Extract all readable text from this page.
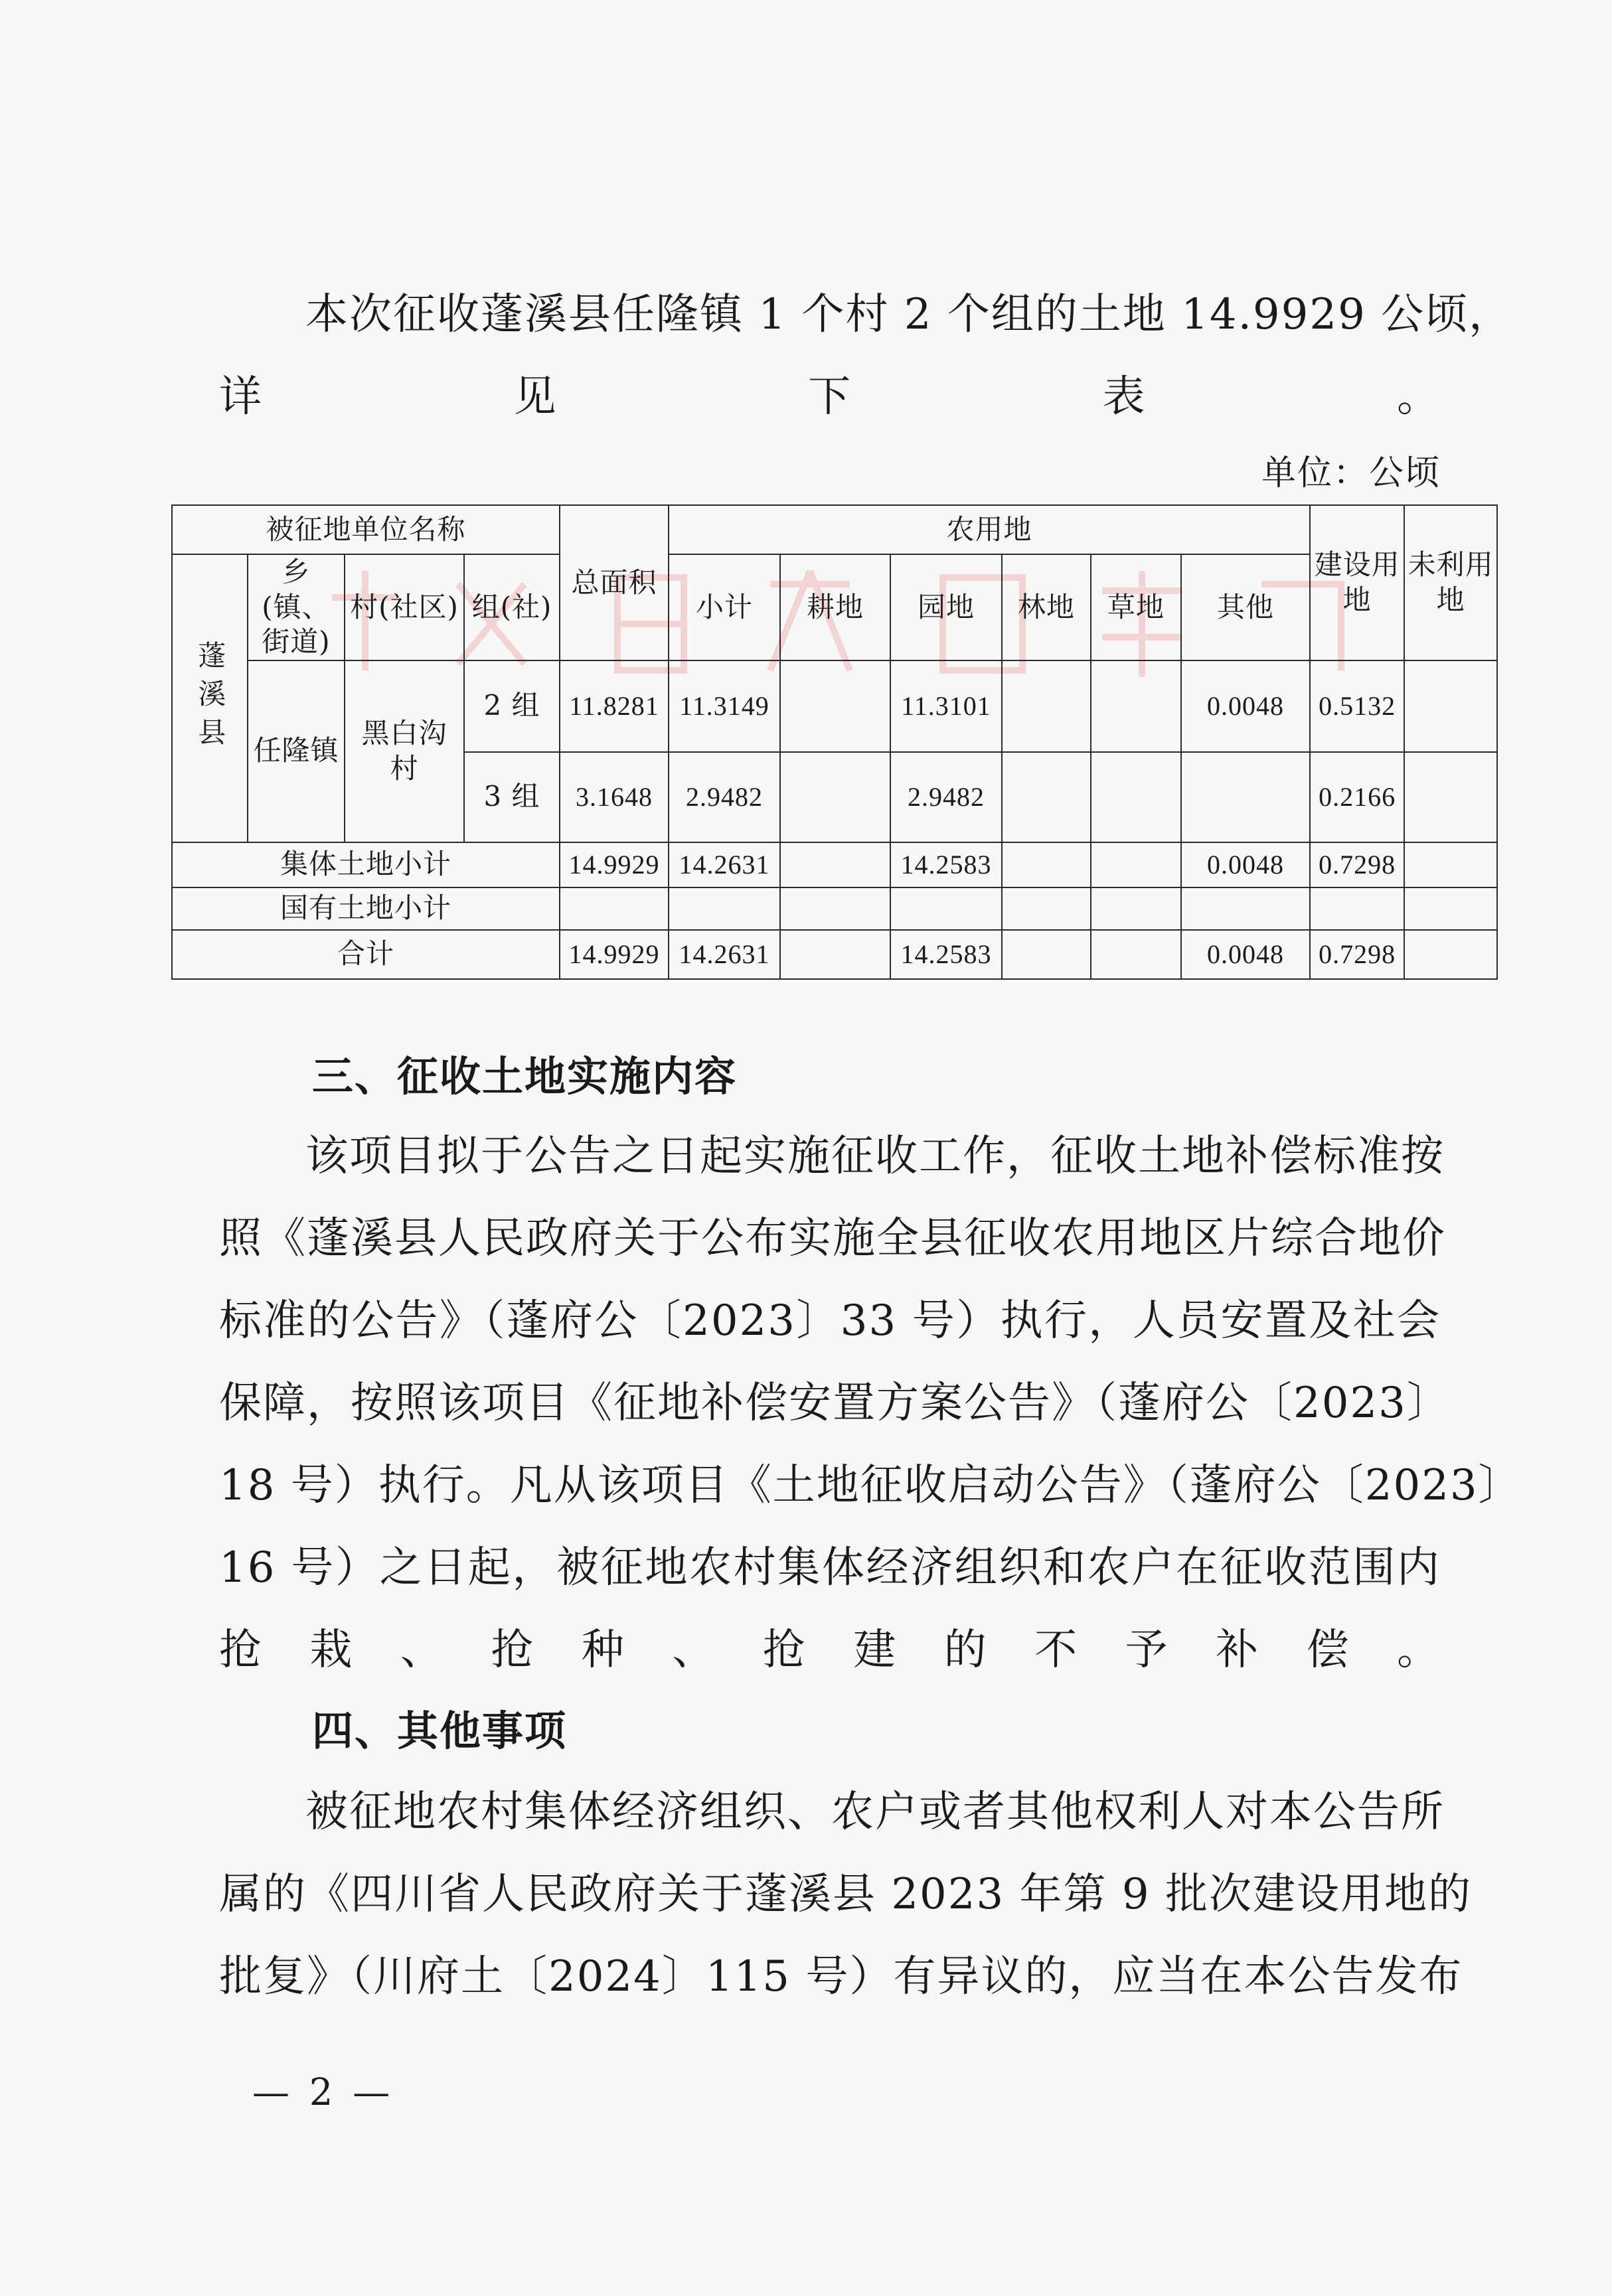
本次征收蓬溪县任隆镇 1 个村 2 个组的土地 14.9929 公顷，
详见下表。
单位：公顷
被征地单位名称				总面积	农用地						建设用地	未利用地
蓬溪县	乡(镇、街道)	村(社区)	组(社)		小计	耕地	园地	林地	草地	其他		
	任隆镇	黑白沟村	2 组	11.8281	11.3149		11.3101			0.0048	0.5132	
			3 组	3.1648	2.9482		2.9482				0.2166	
集体土地小计				14.9929	14.2631		14.2583			0.0048	0.7298	
国有土地小计												
合计				14.9929	14.2631		14.2583			0.0048	0.7298	
三、征收土地实施内容
该项目拟于公告之日起实施征收工作，征收土地补偿标准按
照《蓬溪县人民政府关于公布实施全县征收农用地区片综合地价
标准的公告》（蓬府公〔2023〕33 号）执行，人员安置及社会
保障，按照该项目《征地补偿安置方案公告》（蓬府公〔2023〕
18 号）执行。凡从该项目《土地征收启动公告》（蓬府公〔2023〕
16 号）之日起，被征地农村集体经济组织和农户在征收范围内
抢栽、抢种、抢建的不予补偿。
四、其他事项
被征地农村集体经济组织、农户或者其他权利人对本公告所
属的《四川省人民政府关于蓬溪县 2023 年第 9 批次建设用地的
批复》（川府土〔2024〕115 号）有异议的，应当在本公告发布
— 2 —
